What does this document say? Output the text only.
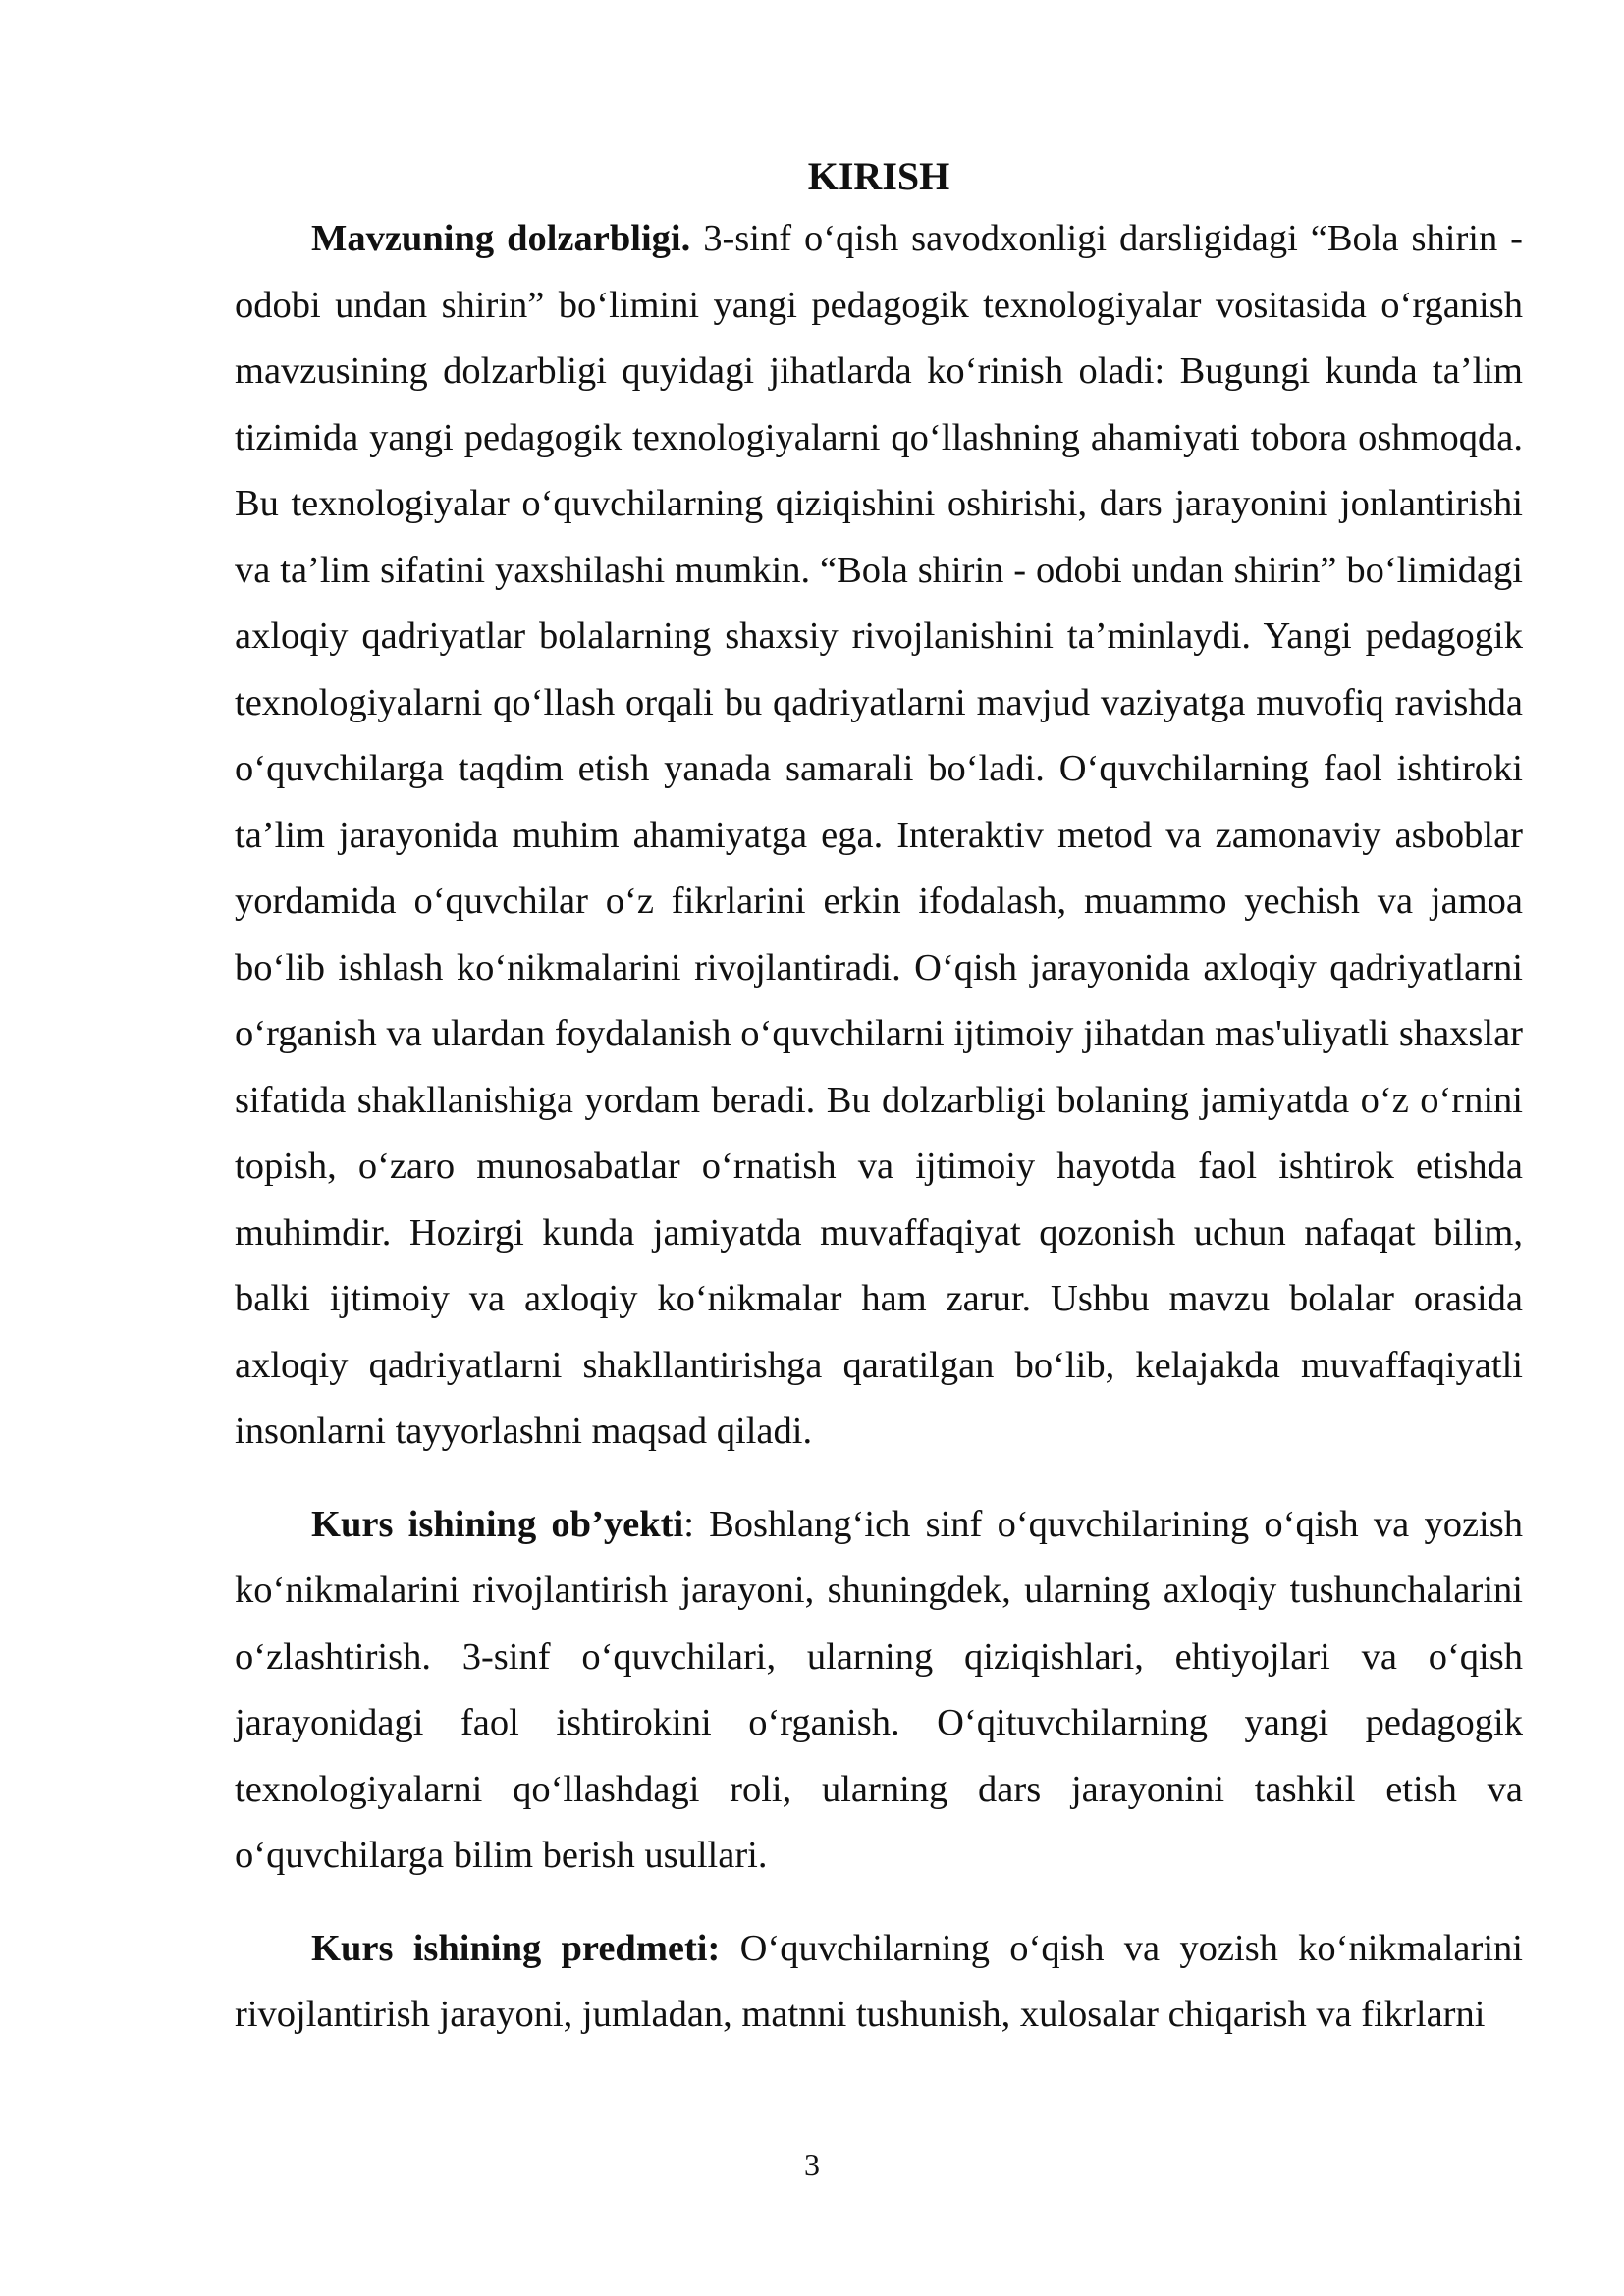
KIRISH

Mavzuning dolzarbligi. 3-sinf o‘qish savodxonligi darsligidagi “Bola shirin - odobi undan shirin” bo‘limini yangi pedagogik texnologiyalar vositasida o‘rganish mavzusining dolzarbligi quyidagi jihatlarda ko‘rinish oladi: Bugungi kunda ta’lim tizimida yangi pedagogik texnologiyalarni qo‘llashning ahamiyati tobora oshmoqda. Bu texnologiyalar o‘quvchilarning qiziqishini oshirishi, dars jarayonini jonlantirishi va ta’lim sifatini yaxshilashi mumkin. “Bola shirin - odobi undan shirin” bo‘limidagi axloqiy qadriyatlar bolalarning shaxsiy rivojlanishini ta’minlaydi. Yangi pedagogik texnologiyalarni qo‘llash orqali bu qadriyatlarni mavjud vaziyatga muvofiq ravishda o‘quvchilarga taqdim etish yanada samarali bo‘ladi. O‘quvchilarning faol ishtiroki ta’lim jarayonida muhim ahamiyatga ega. Interaktiv metod va zamonaviy asboblar yordamida o‘quvchilar o‘z fikrlarini erkin ifodalash, muammo yechish va jamoa bo‘lib ishlash ko‘nikmalarini rivojlantiradi. O‘qish jarayonida axloqiy qadriyatlarni o‘rganish va ulardan foydalanish o‘quvchilarni ijtimoiy jihatdan mas'uliyatli shaxslar sifatida shakllanishiga yordam beradi. Bu dolzarbligi bolaning jamiyatda o‘z o‘rnini topish, o‘zaro munosabatlar o‘rnatish va ijtimoiy hayotda faol ishtirok etishda muhimdir. Hozirgi kunda jamiyatda muvaffaqiyat qozonish uchun nafaqat bilim, balki ijtimoiy va axloqiy ko‘nikmalar ham zarur. Ushbu mavzu bolalar orasida axloqiy qadriyatlarni shakllantirishga qaratilgan bo‘lib, kelajakda muvaffaqiyatli insonlarni tayyorlashni maqsad qiladi.

Kurs ishining ob’yekti: Boshlang‘ich sinf o‘quvchilarining o‘qish va yozish ko‘nikmalarini rivojlantirish jarayoni, shuningdek, ularning axloqiy tushunchalarini o‘zlashtirish. 3-sinf o‘quvchilari, ularning qiziqishlari, ehtiyojlari va o‘qish jarayonidagi faol ishtirokini o‘rganish. O‘qituvchilarning yangi pedagogik texnologiyalarni qo‘llashdagi roli, ularning dars jarayonini tashkil etish va o‘quvchilarga bilim berish usullari.

Kurs ishining predmeti: O‘quvchilarning o‘qish va yozish ko‘nikmalarini rivojlantirish jarayoni, jumladan, matnni tushunish, xulosalar chiqarish va fikrlarni

3
